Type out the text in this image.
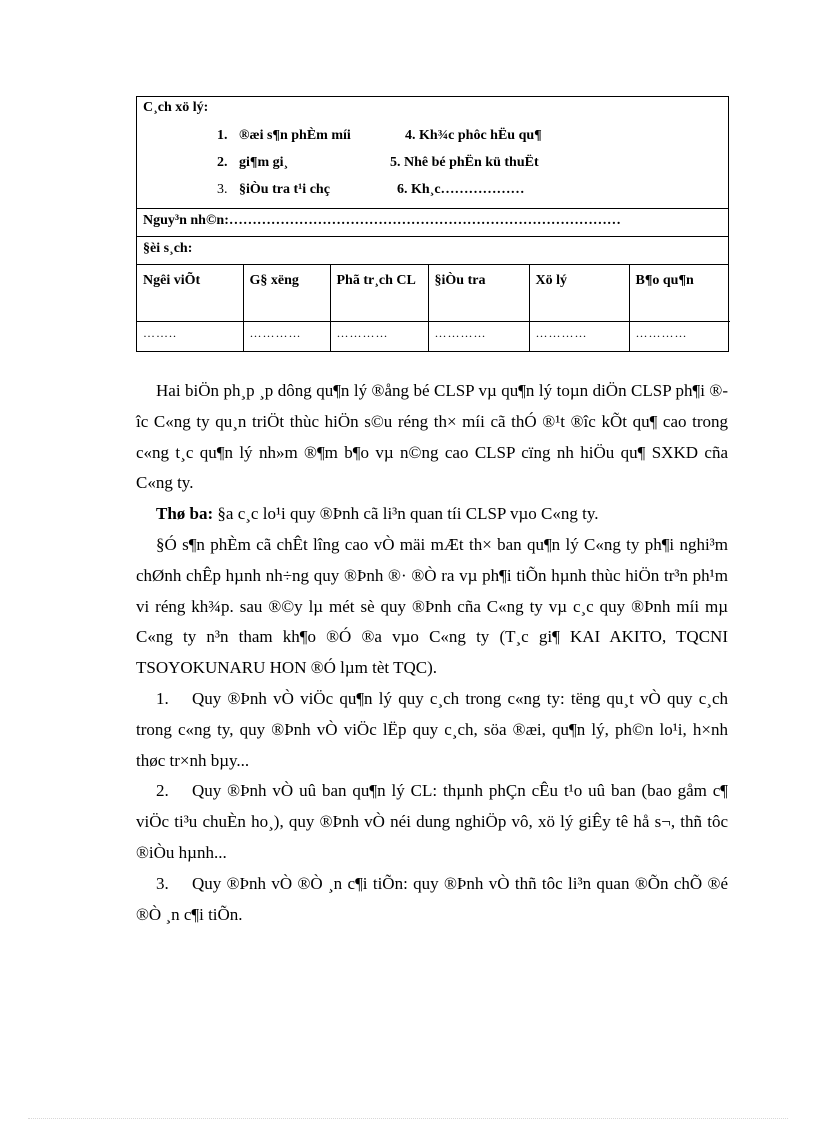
C¸ch xö lý:
1. ®æi s¶n phÈm míi	4. Kh¾c phôc hËu qu¶
2. gi¶m gi¸	5. Nhê bé phËn kü thuËt
3. §iÒu tra t¹i chç	6. Kh¸c………………
Nguy³n nh©n:…………………………………………………………………………
§èi s¸ch:
Ngêi viÕt	G§ xëng	Phã tr¸ch CL	§iÒu tra	Xö lý	B¶o qu¶n
……..	…………	…………	…………	…………	…………

Hai biÖn ph¸p ¸p dông qu¶n lý ®ång bé CLSP vµ qu¶n lý toµn diÖn CLSP ph¶i ®îc C«ng ty qu¸n triÖt thùc hiÖn s©u réng th× míi cã thÓ ®¹t ®îc kÕt qu¶ cao trong c«ng t¸c qu¶n lý nh»m ®¶m b¶o vµ n©ng cao CLSP cïng nh hiÖu qu¶ SXKD cña C«ng ty.

Thø ba: §a c¸c lo¹i quy ®Þnh cã li³n quan tíi CLSP vµo C«ng ty.

§Ó s¶n phÈm cã chÊt lîng cao vÒ mäi mÆt th× ban qu¶n lý C«ng ty ph¶i nghi³m chØnh chÊp hµnh nh÷ng quy ®Þnh ®· ®Ò ra vµ ph¶i tiÕn hµnh thùc hiÖn tr³n ph¹m vi réng kh¾p. sau ®©y lµ mét sè quy ®Þnh cña C«ng ty vµ c¸c quy ®Þnh míi mµ C«ng ty n³n tham kh¶o ®Ó ®a vµo C«ng ty (T¸c gi¶ KAI AKITO, TQCNI TSOYOKUNARU HON ®Ó lµm tèt TQC).

1. Quy ®Þnh vÒ viÖc qu¶n lý quy c¸ch trong c«ng ty: tëng qu¸t vÒ quy c¸ch trong c«ng ty, quy ®Þnh vÒ viÖc lËp quy c¸ch, söa ®æi, qu¶n lý, ph©n lo¹i, h×nh thøc tr×nh bµy...

2. Quy ®Þnh vÒ uû ban qu¶n lý CL: thµnh phÇn cÊu t¹o uû ban (bao gåm c¶ viÖc ti³u chuÈn ho¸), quy ®Þnh vÒ néi dung nghiÖp vô, xö lý giÊy tê hå s¬, thñ tôc ®iÒu hµnh...

3. Quy ®Þnh vÒ ®Ò ¸n c¶i tiÕn: quy ®Þnh vÒ thñ tôc li³n quan ®Õn chÕ ®é ®Ò ¸n c¶i tiÕn.
